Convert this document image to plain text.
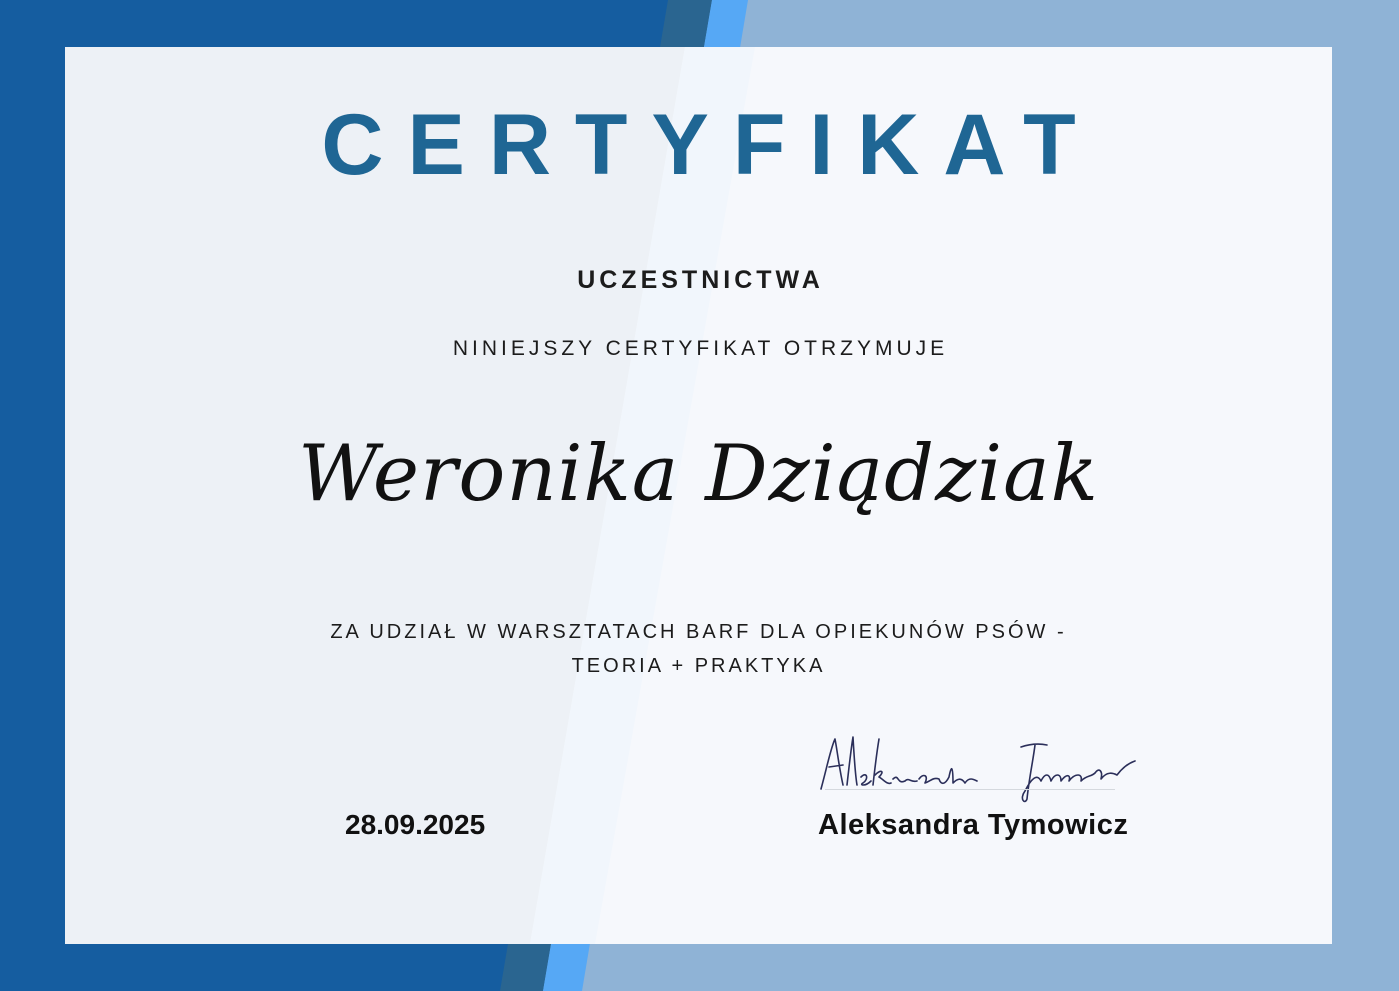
CERTYFIKAT
UCZESTNICTWA
NINIEJSZY CERTYFIKAT OTRZYMUJE
Weronika Dziądziak
ZA UDZIAŁ W WARSZTATACH BARF DLA OPIEKUNÓW PSÓW - TEORIA + PRAKTYKA
28.09.2025	Aleksandra Tymowicz
